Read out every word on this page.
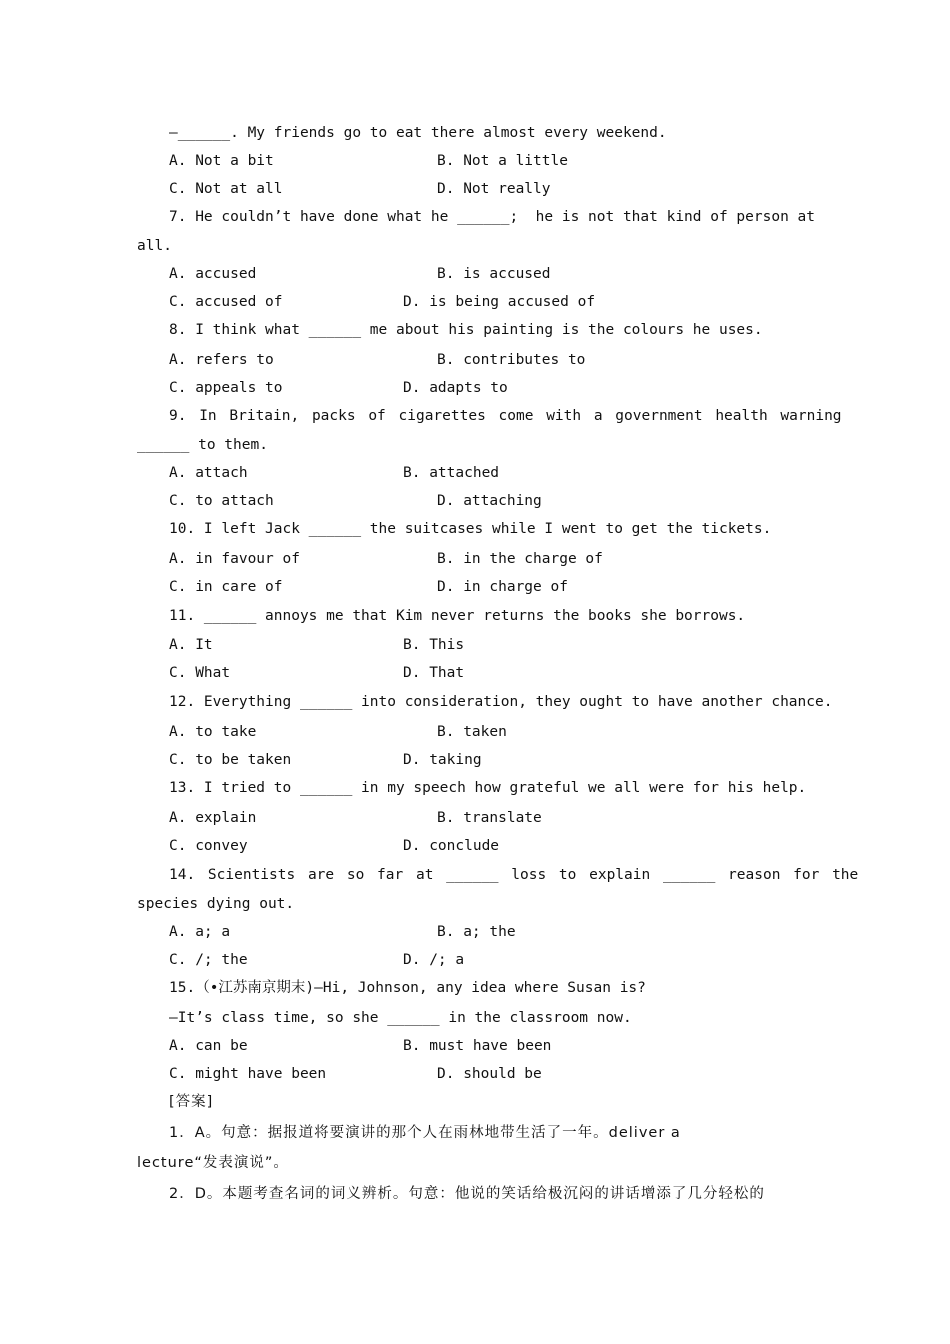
—______. My friends go to eat there almost every weekend.
A. Not a bit	B. Not a little
C. Not at all	D. Not really
7. He couldn’t have done what he ______;  he is not that kind of person at
all.
A. accused	B. is accused
C. accused of	D. is being accused of
8. I think what ______ me about his painting is the colours he uses.
A. refers to	B. contributes to
C. appeals to	D. adapts to
9. In Britain, packs of cigarettes come with a government health warning
______ to them.
A. attach	B. attached
C. to attach	D. attaching
10. I left Jack ______ the suitcases while I went to get the tickets.
A. in favour of	B. in the charge of
C. in care of	D. in charge of
11. ______ annoys me that Kim never returns the books she borrows.
A. It	B. This
C. What	D. That
12. Everything ______ into consideration, they ought to have another chance.
A. to take	B. taken
C. to be taken	D. taking
13. I tried to ______ in my speech how grateful we all were for his help.
A. explain	B. translate
C. convey	D. conclude
14. Scientists are so far at ______ loss to explain ______ reason for the
species dying out.
A. a; a	B. a; the
C. /; the	D. /; a
15.（•江苏南京期末)—Hi, Johnson, any idea where Susan is?
—It’s class time, so she ______ in the classroom now.
A. can be	B. must have been
C. might have been	D. should be
[答案]
1．A。句意：据报道将要演讲的那个人在雨林地带生活了一年。deliver a
lecture“发表演说”。
2．D。本题考查名词的词义辨析。句意：他说的笑话给极沉闷的讲话增添了几分轻松的
